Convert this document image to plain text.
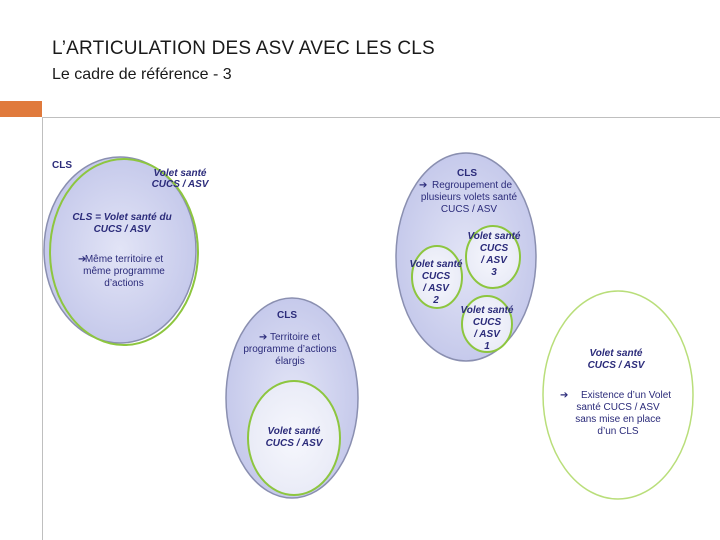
L’ARTICULATION DES ASV AVEC LES CLS
Le cadre de référence - 3
CLS
Volet santé
CUCS / ASV
CLS = Volet santé du
CUCS / ASV
➔
Même territoire et
même programme
d’actions
CLS
➔ Territoire et
programme d’actions
élargis
Volet santé
CUCS / ASV
CLS
➔ Regroupement de
plusieurs volets santé
CUCS / ASV
Volet santé
CUCS
/ ASV
3
Volet santé
CUCS
/ ASV
2
Volet santé
CUCS
/ ASV
1
Volet santé
CUCS / ASV
➔ Existence d’un Volet
santé CUCS / ASV
sans mise en place
d’un CLS
